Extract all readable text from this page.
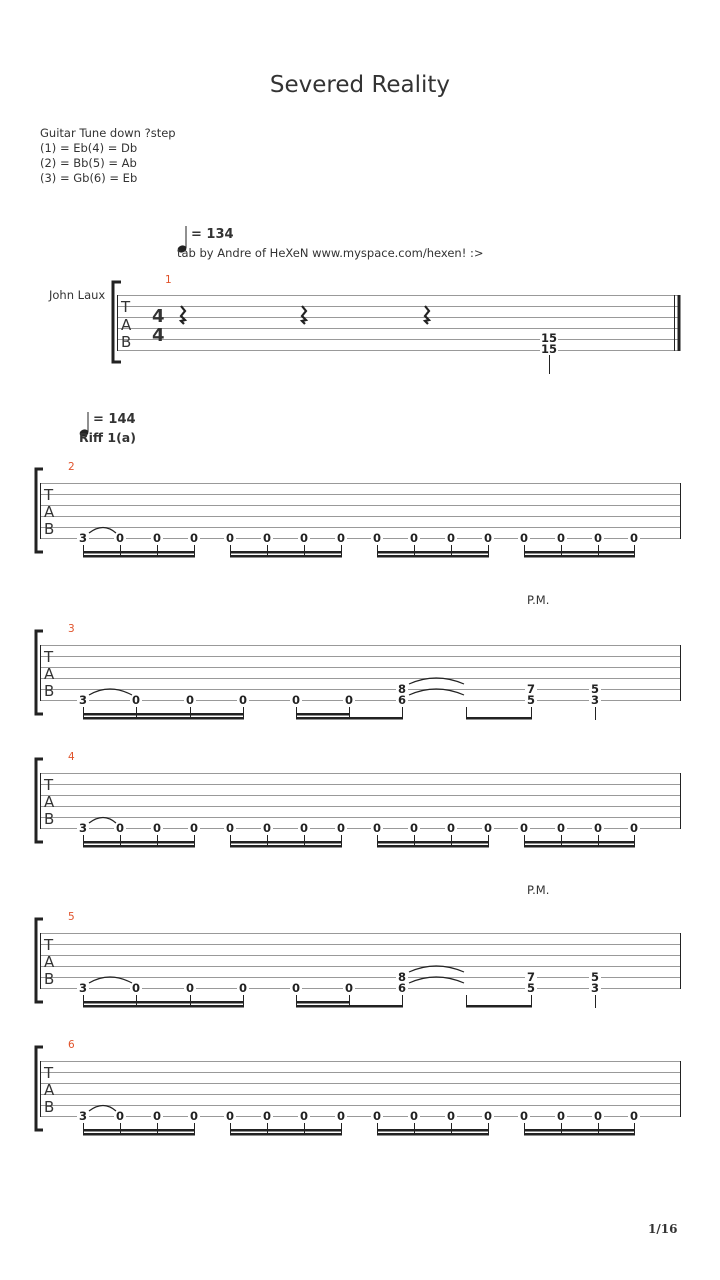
Severed Reality
Guitar Tune down ?step
(1) = Eb(4) = Db
(2) = Bb(5) = Ab
(3) = Gb(6) = Eb
= 134
tab by Andre of HeXeN www.myspace.com/hexen! :>
John Laux
T
A
B
4
4
1
15
15
= 144
Riff 1(a)
T
A
B 3	0	0	0 0	0	0	0 0	0	0	0 0	0	0 0
T
A
B 3	0	0	0	0	0
8
6
7
5
5
3
T
A
B 3	0	0	0 0	0	0	0 0	0	0	0 0	0	0 0
T
A
B 3	0	0	0	0	0
8
6
7
5
5
3
T
A
B 3	0	0	0 0	0	0	0 0	0	0	0 0	0	0 0
2
3
4
5
6
P.M.
P.M.
1/16
